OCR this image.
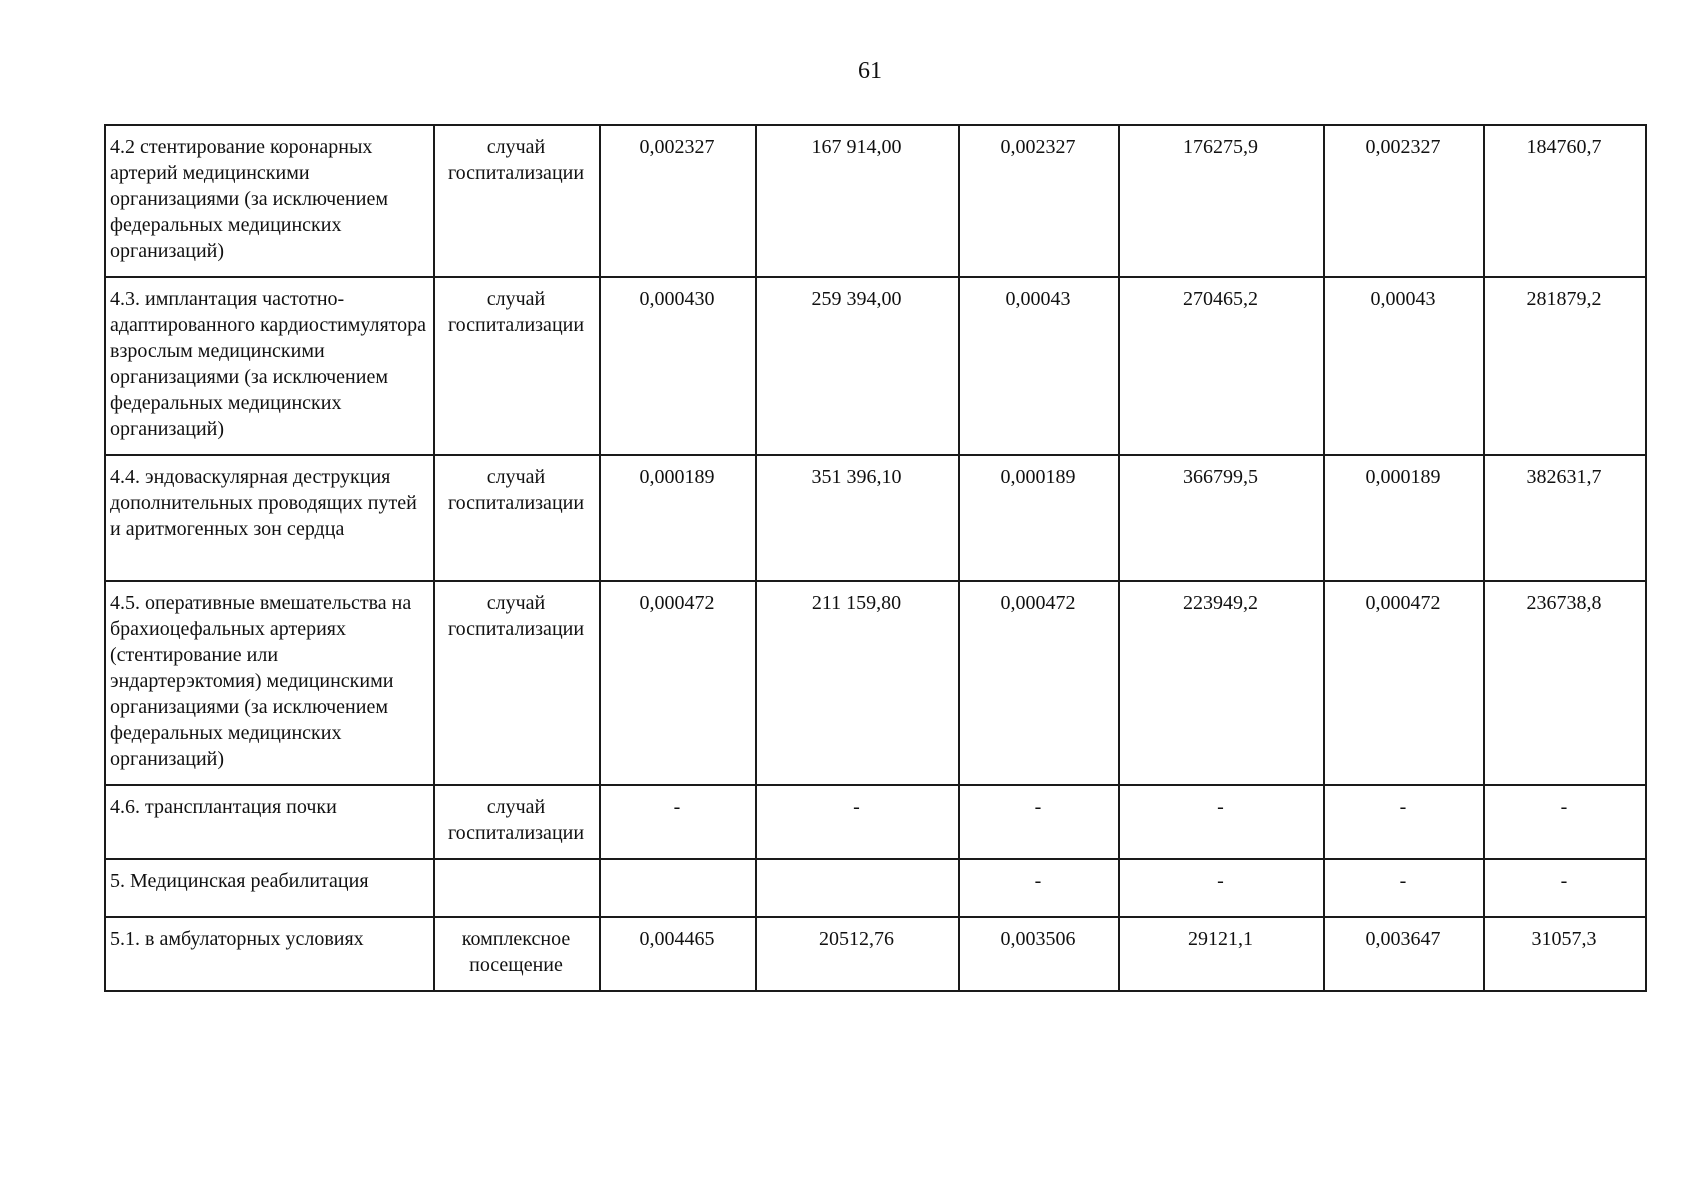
61
4.2 стентирование коронарных артерий медицинскими организациями (за исключением федеральных медицинских организаций)	случай госпитализации	0,002327	167 914,00	0,002327	176275,9	0,002327	184760,7
4.3. имплантация частотно-адаптированного кардиостимулятора взрослым медицинскими организациями (за исключением федеральных медицинских организаций)	случай госпитализации	0,000430	259 394,00	0,00043	270465,2	0,00043	281879,2
4.4. эндоваскулярная деструкция дополнительных проводящих путей и аритмогенных зон сердца	случай госпитализации	0,000189	351 396,10	0,000189	366799,5	0,000189	382631,7
4.5. оперативные вмешательства на брахиоцефальных артериях (стентирование или эндартерэктомия) медицинскими организациями (за исключением федеральных медицинских организаций)	случай госпитализации	0,000472	211 159,80	0,000472	223949,2	0,000472	236738,8
4.6. трансплантация почки	случай госпитализации	-	-	-	-	-	-
5. Медицинская реабилитация				-	-	-	-
5.1. в амбулаторных условиях	комплексное посещение	0,004465	20512,76	0,003506	29121,1	0,003647	31057,3
